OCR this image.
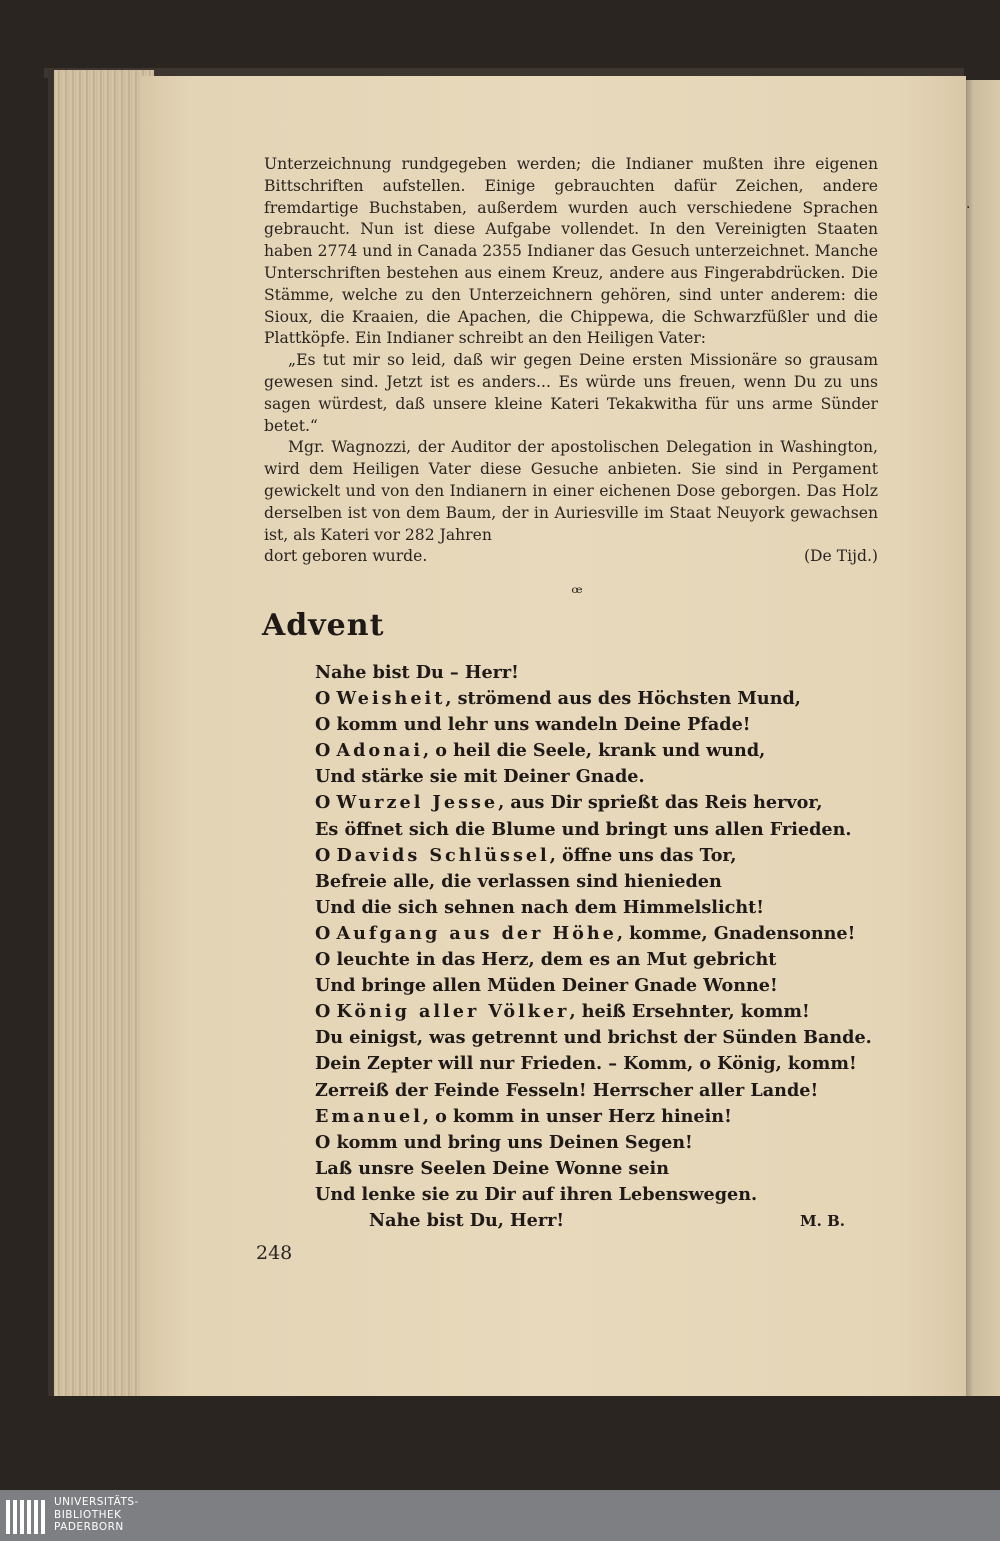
Unterzeichnung rundgegeben werden; die Indianer mußten ihre eigenen Bittschriften aufstellen. Einige gebrauchten dafür Zeichen, andere fremdartige Buchstaben, außerdem wurden auch verschiedene Sprachen gebraucht. Nun ist diese Aufgabe vollendet. In den Vereinigten Staaten haben 2774 und in Canada 2355 Indianer das Gesuch unterzeichnet. Manche Unterschriften bestehen aus einem Kreuz, andere aus Fingerabdrücken. Die Stämme, welche zu den Unterzeichnern gehören, sind unter anderem: die Sioux, die Kraaien, die Apachen, die Chippewa, die Schwarzfüßler und die Plattköpfe. Ein Indianer schreibt an den Heiligen Vater:

„Es tut mir so leid, daß wir gegen Deine ersten Missionäre so grausam gewesen sind. Jetzt ist es anders... Es würde uns freuen, wenn Du zu uns sagen würdest, daß unsere kleine Kateri Tekakwitha für uns arme Sünder betet.“

Mgr. Wagnozzi, der Auditor der apostolischen Delegation in Washington, wird dem Heiligen Vater diese Gesuche anbieten. Sie sind in Pergament gewickelt und von den Indianern in einer eichenen Dose geborgen. Das Holz derselben ist von dem Baum, der in Auriesville im Staat Neuyork gewachsen ist, als Kateri vor 282 Jahren

dort geboren wurde.	(De Tijd.)
ꟹ
Advent
Nahe bist Du – Herr!
O Weisheit, strömend aus des Höchsten Mund,
O komm und lehr uns wandeln Deine Pfade!
O Adonai, o heil die Seele, krank und wund,
Und stärke sie mit Deiner Gnade.
O Wurzel Jesse, aus Dir sprießt das Reis hervor,
Es öffnet sich die Blume und bringt uns allen Frieden.
O Davids Schlüssel, öffne uns das Tor,
Befreie alle, die verlassen sind hienieden
Und die sich sehnen nach dem Himmelslicht!
O Aufgang aus der Höhe, komme, Gnadensonne!
O leuchte in das Herz, dem es an Mut gebricht
Und bringe allen Müden Deiner Gnade Wonne!
O König aller Völker, heiß Ersehnter, komm!
Du einigst, was getrennt und brichst der Sünden Bande.
Dein Zepter will nur Frieden. – Komm, o König, komm!
Zerreiß der Feinde Fesseln! Herrscher aller Lande!
Emanuel, o komm in unser Herz hinein!
O komm und bring uns Deinen Segen!
Laß unsre Seelen Deine Wonne sein
Und lenke sie zu Dir auf ihren Lebenswegen.
Nahe bist Du, Herr!	M. B.
248
·
UNIVERSITÄTS-
BIBLIOTHEK
PADERBORN
